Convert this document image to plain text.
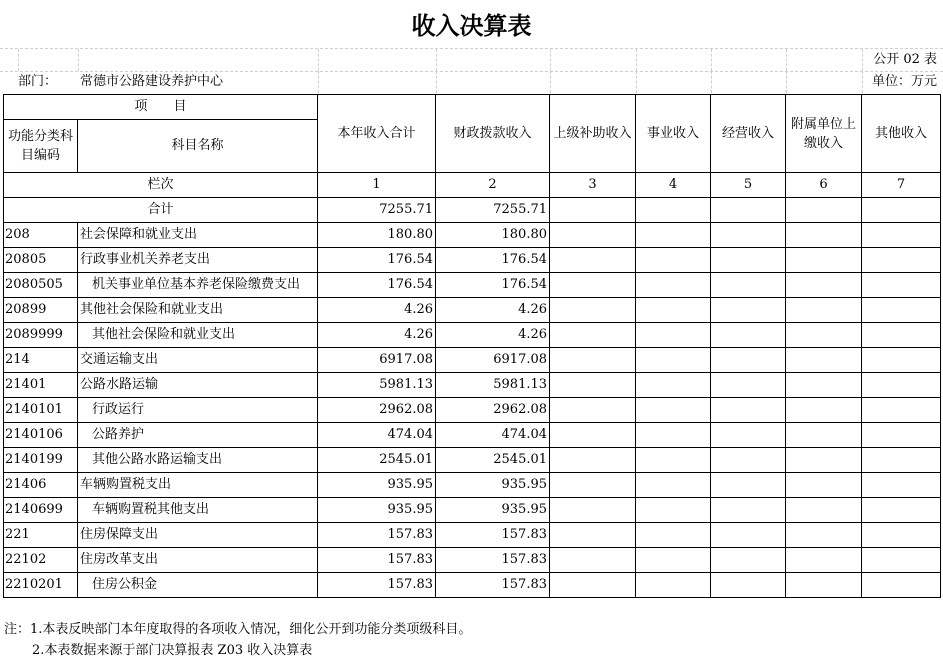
收入决算表
公开 02 表
部门： 常德市公路建设养护中心	单位：万元
项　　目		本年收入合计	财政拨款收入	上级补助收入	事业收入	经营收入	附属单位上缴收入	其他收入
功能分类科目编码	科目名称							
栏次		1	2	3	4	5	6	7
合计		7255.71	7255.71					
208	社会保障和就业支出	180.80	180.80					
20805	行政事业机关养老支出	176.54	176.54					
2080505	机关事业单位基本养老保险缴费支出	176.54	176.54					
20899	其他社会保险和就业支出	4.26	4.26					
2089999	其他社会保险和就业支出	4.26	4.26					
214	交通运输支出	6917.08	6917.08					
21401	公路水路运输	5981.13	5981.13					
2140101	行政运行	2962.08	2962.08					
2140106	公路养护	474.04	474.04					
2140199	其他公路水路运输支出	2545.01	2545.01					
21406	车辆购置税支出	935.95	935.95					
2140699	车辆购置税其他支出	935.95	935.95					
221	住房保障支出	157.83	157.83					
22102	住房改革支出	157.83	157.83					
2210201	住房公积金	157.83	157.83					
注：1.本表反映部门本年度取得的各项收入情况，细化公开到功能分类项级科目。
2.本表数据来源于部门决算报表 Z03 收入决算表
